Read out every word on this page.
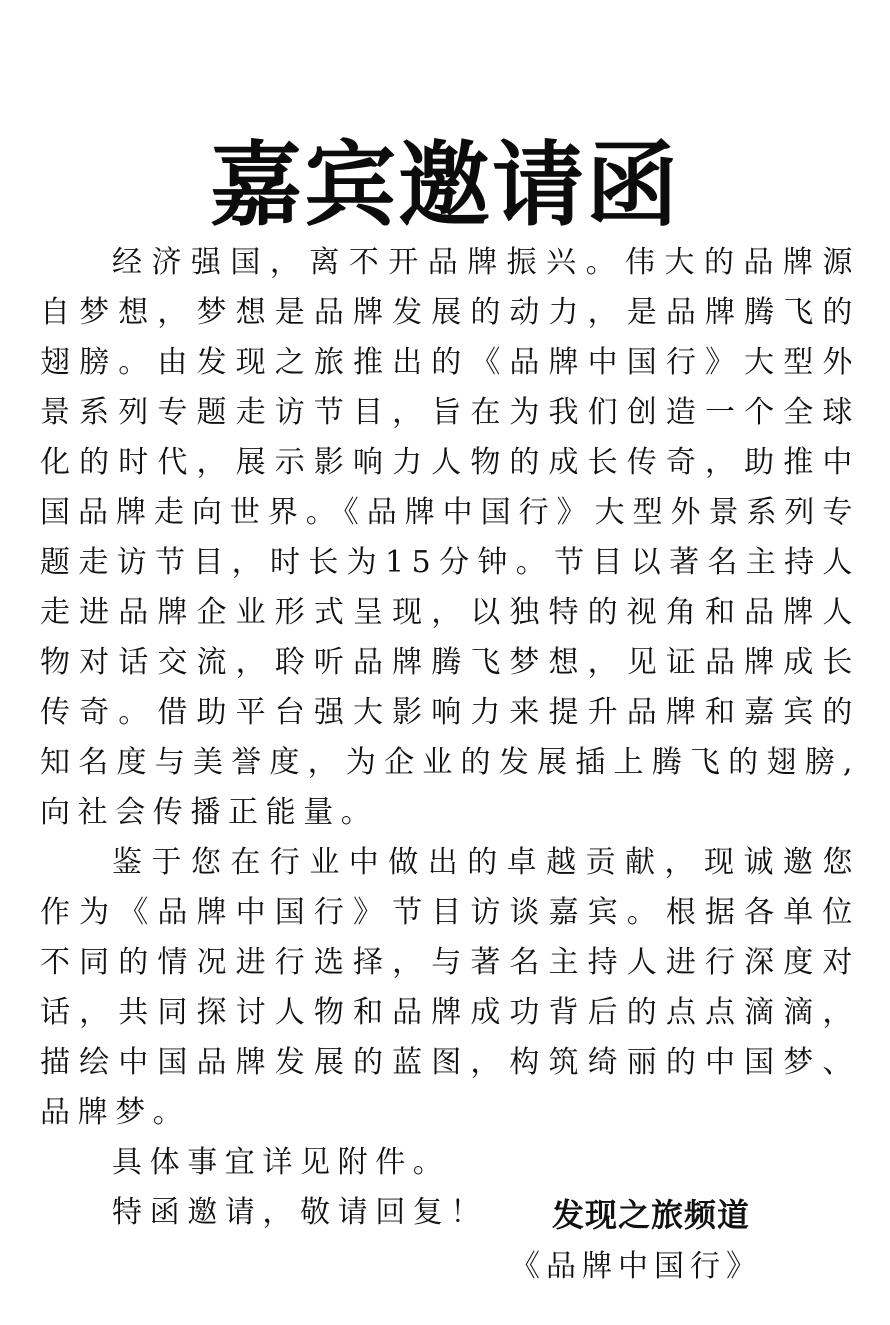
嘉宾邀请函

经济强国，离不开品牌振兴。伟大的品牌源自梦想，梦想是品牌发展的动力，是品牌腾飞的翅膀。由发现之旅推出的《品牌中国行》大型外景系列专题走访节目，旨在为我们创造一个全球化的时代，展示影响力人物的成长传奇，助推中国品牌走向世界。《品牌中国行》大型外景系列专题走访节目，时长为15分钟。节目以著名主持人走进品牌企业形式呈现，以独特的视角和品牌人物对话交流，聆听品牌腾飞梦想，见证品牌成长传奇。借助平台强大影响力来提升品牌和嘉宾的知名度与美誉度，为企业的发展插上腾飞的翅膀,向社会传播正能量。

鉴于您在行业中做出的卓越贡献，现诚邀您作为《品牌中国行》节目访谈嘉宾。根据各单位不同的情况进行选择，与著名主持人进行深度对话，共同探讨人物和品牌成功背后的点点滴滴，描绘中国品牌发展的蓝图，构筑绮丽的中国梦、品牌梦。

具体事宜详见附件。

特函邀请，敬请回复！	发现之旅频道
《品牌中国行》
